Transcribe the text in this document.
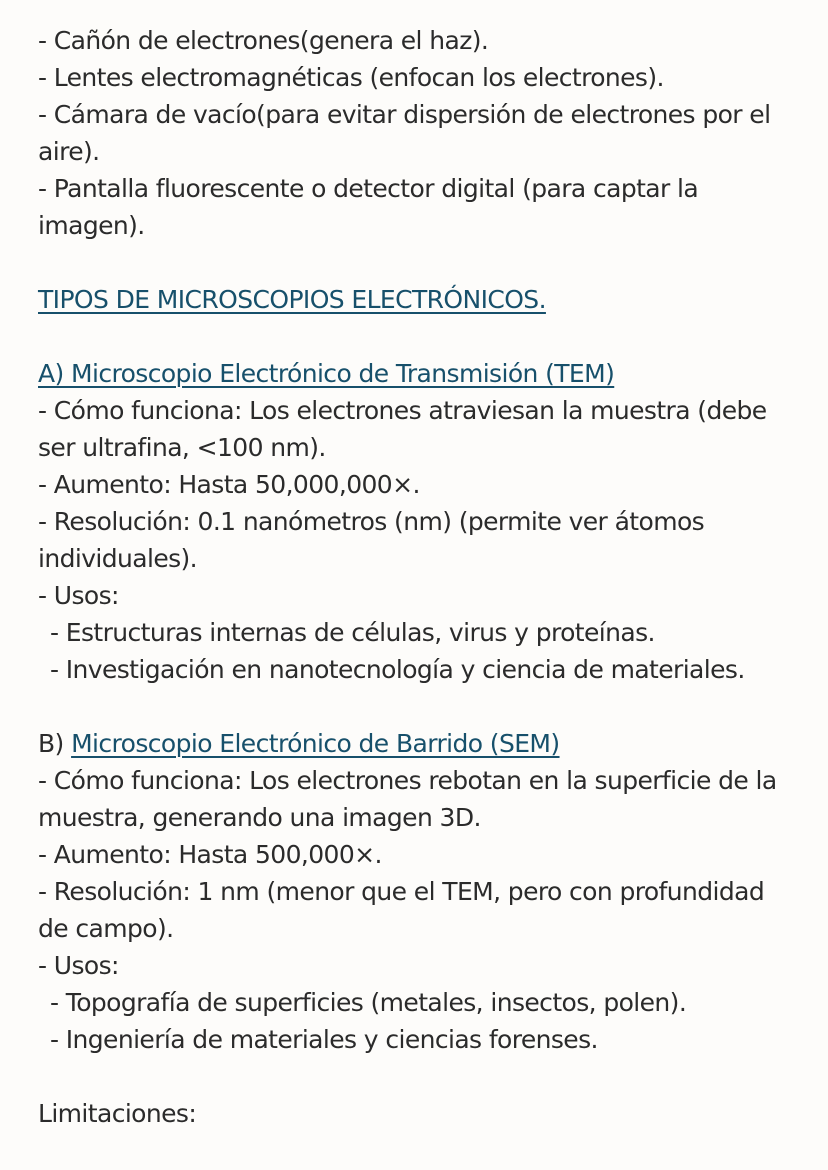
- Cañón de electrones(genera el haz).
- Lentes electromagnéticas (enfocan los electrones).
- Cámara de vacío(para evitar dispersión de electrones por el
aire).
- Pantalla fluorescente o detector digital (para captar la
imagen).
TIPOS DE MICROSCOPIOS ELECTRÓNICOS.
A) Microscopio Electrónico de Transmisión (TEM)
- Cómo funciona: Los electrones atraviesan la muestra (debe
ser ultrafina, <100 nm).
- Aumento: Hasta 50,000,000×.
- Resolución: 0.1 nanómetros (nm) (permite ver átomos
individuales).
- Usos:
- Estructuras internas de células, virus y proteínas.
- Investigación en nanotecnología y ciencia de materiales.
B) Microscopio Electrónico de Barrido (SEM)
- Cómo funciona: Los electrones rebotan en la superficie de la
muestra, generando una imagen 3D.
- Aumento: Hasta 500,000×.
- Resolución: 1 nm (menor que el TEM, pero con profundidad
de campo).
- Usos:
- Topografía de superficies (metales, insectos, polen).
- Ingeniería de materiales y ciencias forenses.
Limitaciones:
